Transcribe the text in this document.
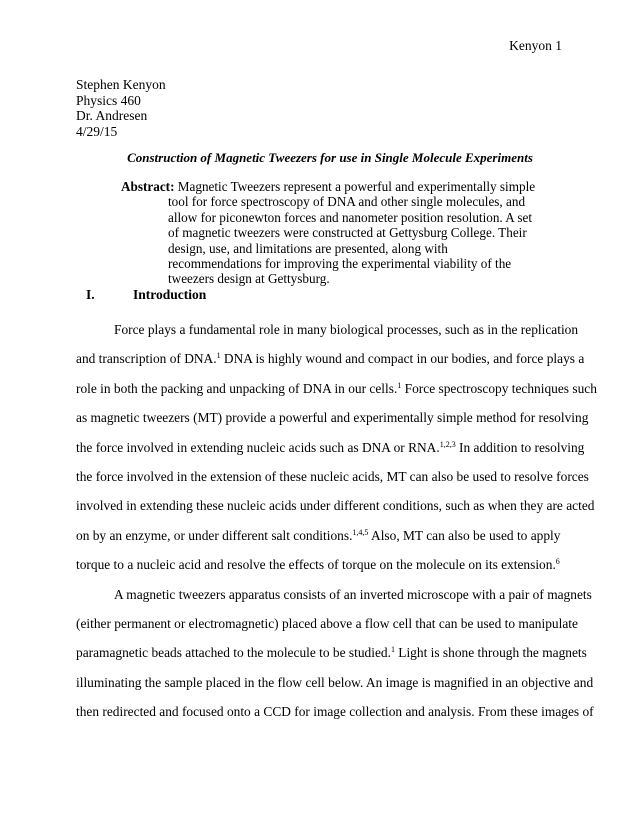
Kenyon 1
Stephen Kenyon
Physics 460
Dr. Andresen
4/29/15
Construction of Magnetic Tweezers for use in Single Molecule Experiments
Abstract: Magnetic Tweezers represent a powerful and experimentally simple
tool for force spectroscopy of DNA and other single molecules, and
allow for piconewton forces and nanometer position resolution. A set
of magnetic tweezers were constructed at Gettysburg College. Their
design, use, and limitations are presented, along with
recommendations for improving the experimental viability of the
tweezers design at Gettysburg.
I.	Introduction
Force plays a fundamental role in many biological processes, such as in the replication
and transcription of DNA.$^1$ DNA is highly wound and compact in our bodies, and force plays a
role in both the packing and unpacking of DNA in our cells.$^1$ Force spectroscopy techniques such
as magnetic tweezers (MT) provide a powerful and experimentally simple method for resolving
the force involved in extending nucleic acids such as DNA or RNA.$^{1,2,3}$ In addition to resolving
the force involved in the extension of these nucleic acids, MT can also be used to resolve forces
involved in extending these nucleic acids under different conditions, such as when they are acted
on by an enzyme, or under different salt conditions.$^{1,4,5}$ Also, MT can also be used to apply
torque to a nucleic acid and resolve the effects of torque on the molecule on its extension.$^6$
A magnetic tweezers apparatus consists of an inverted microscope with a pair of magnets
(either permanent or electromagnetic) placed above a flow cell that can be used to manipulate
paramagnetic beads attached to the molecule to be studied.$^1$ Light is shone through the magnets
illuminating the sample placed in the flow cell below. An image is magnified in an objective and
then redirected and focused onto a CCD for image collection and analysis. From these images of
